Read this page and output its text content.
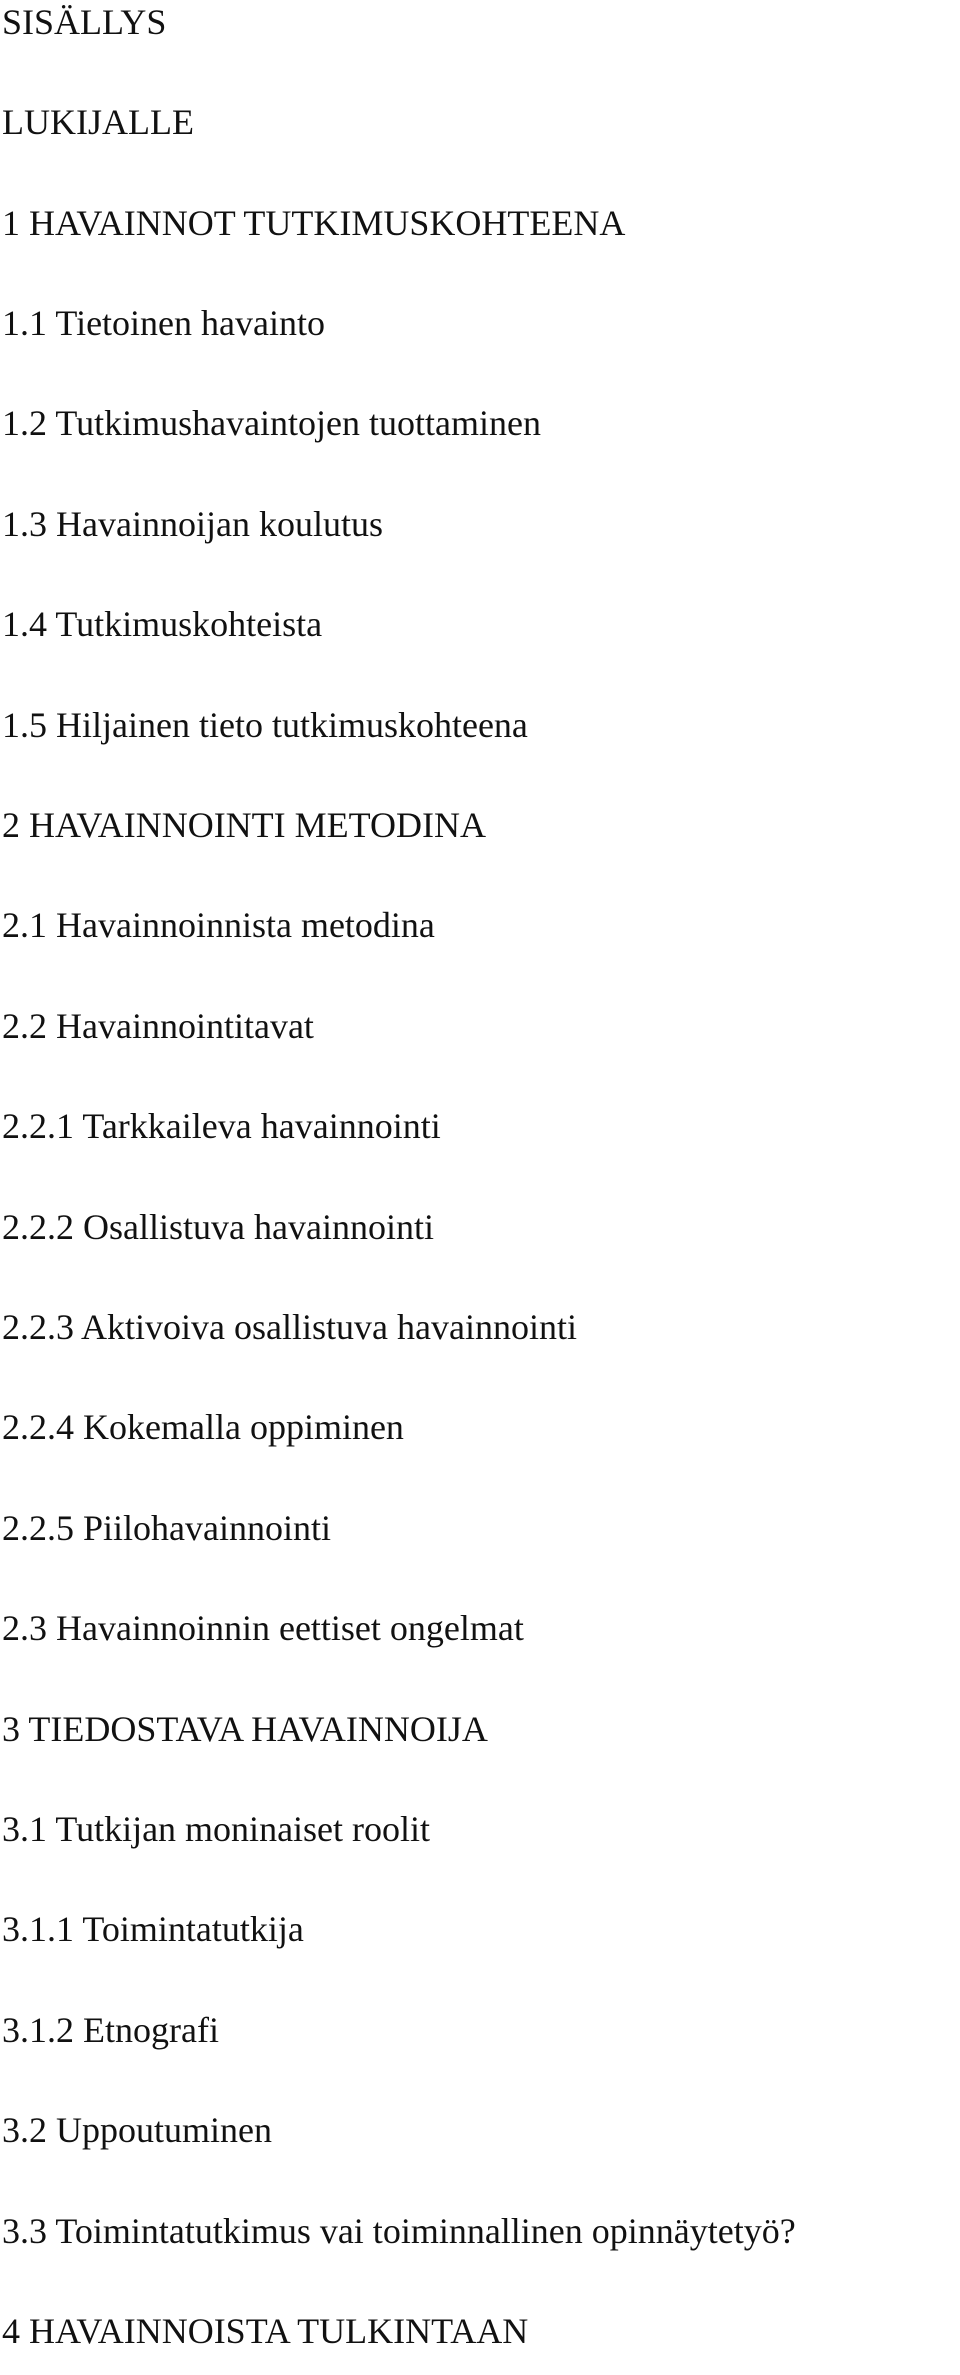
SISÄLLYS
LUKIJALLE
1 HAVAINNOT TUTKIMUSKOHTEENA
1.1 Tietoinen havainto
1.2 Tutkimushavaintojen tuottaminen
1.3 Havainnoijan koulutus
1.4 Tutkimuskohteista
1.5 Hiljainen tieto tutkimuskohteena
2 HAVAINNOINTI METODINA
2.1 Havainnoinnista metodina
2.2 Havainnointitavat
2.2.1 Tarkkaileva havainnointi
2.2.2 Osallistuva havainnointi
2.2.3 Aktivoiva osallistuva havainnointi
2.2.4 Kokemalla oppiminen
2.2.5 Piilohavainnointi
2.3 Havainnoinnin eettiset ongelmat
3 TIEDOSTAVA HAVAINNOIJA
3.1 Tutkijan moninaiset roolit
3.1.1 Toimintatutkija
3.1.2 Etnografi
3.2 Uppoutuminen
3.3 Toimintatutkimus vai toiminnallinen opinnäytetyö?
4 HAVAINNOISTA TULKINTAAN
